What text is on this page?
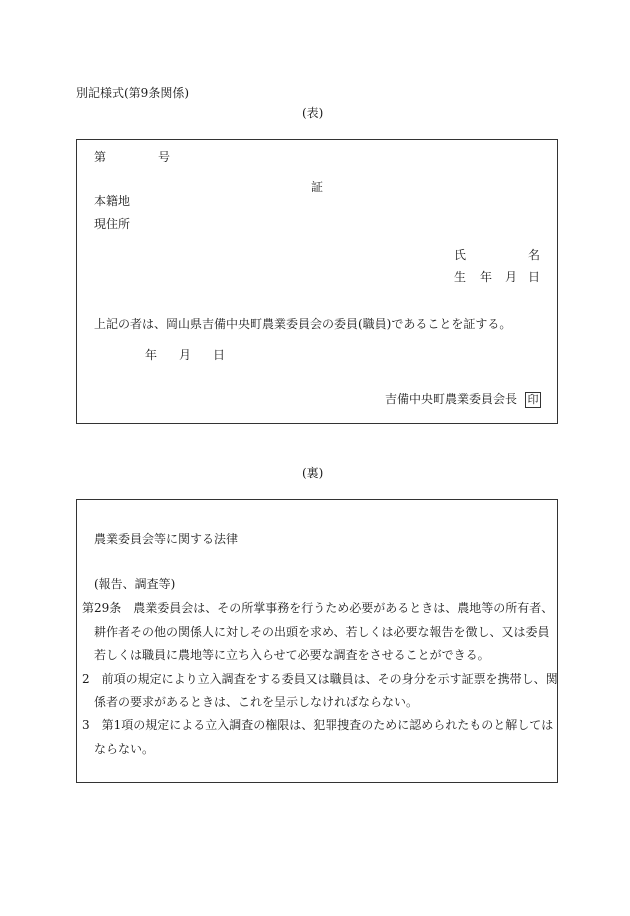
別記様式(第9条関係)
(表)
第	号
証
本籍地
現住所
氏	名
生 年 月 日
上記の者は、岡山県吉備中央町農業委員会の委員(職員)であることを証する。
年 月 日
吉備中央町農業委員会長 印
(裏)
農業委員会等に関する法律
(報告、調査等)
第29条　農業委員会は、その所掌事務を行うため必要があるときは、農地等の所有者、
耕作者その他の関係人に対しその出頭を求め、若しくは必要な報告を徴し、又は委員
若しくは職員に農地等に立ち入らせて必要な調査をさせることができる。
2　前項の規定により立入調査をする委員又は職員は、その身分を示す証票を携帯し、関
係者の要求があるときは、これを呈示しなければならない。
3　第1項の規定による立入調査の権限は、犯罪捜査のために認められたものと解しては
ならない。
